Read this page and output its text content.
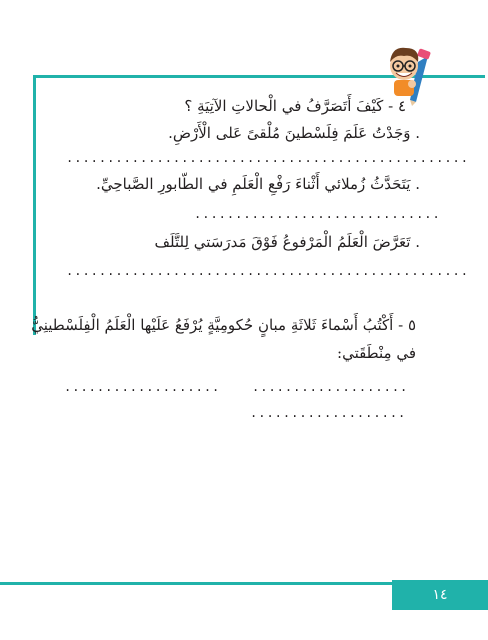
٤ - كَيْفَ أَتَصَرَّفُ في الْحالاتِ الآتِيَةِ ؟
. وَجَدْتُ عَلَمَ فِلَسْطينَ مُلْقىً عَلى الْأَرْضِ.
.................................................
. يَتَحَدَّثُ زُملائي أَثْناءَ رَفْعِ الْعَلَمِ في الطّابورِ الصَّباحِيِّ.
..............................
. تَعَرَّضَ الْعَلَمُ الْمَرْفوعُ فَوْقَ مَدرَسَتي لِلتَّلَف
.................................................
٥ - أَكْتُبُ أَسْماءَ ثَلاثَةِ مبانٍ حُكومِيَّةٍ يُرْفَعُ عَلَيْها الْعَلَمُ الْفِلَسْطينِيُّ
في مِنْطَقَتي:
...................	...................
...................
١٤
